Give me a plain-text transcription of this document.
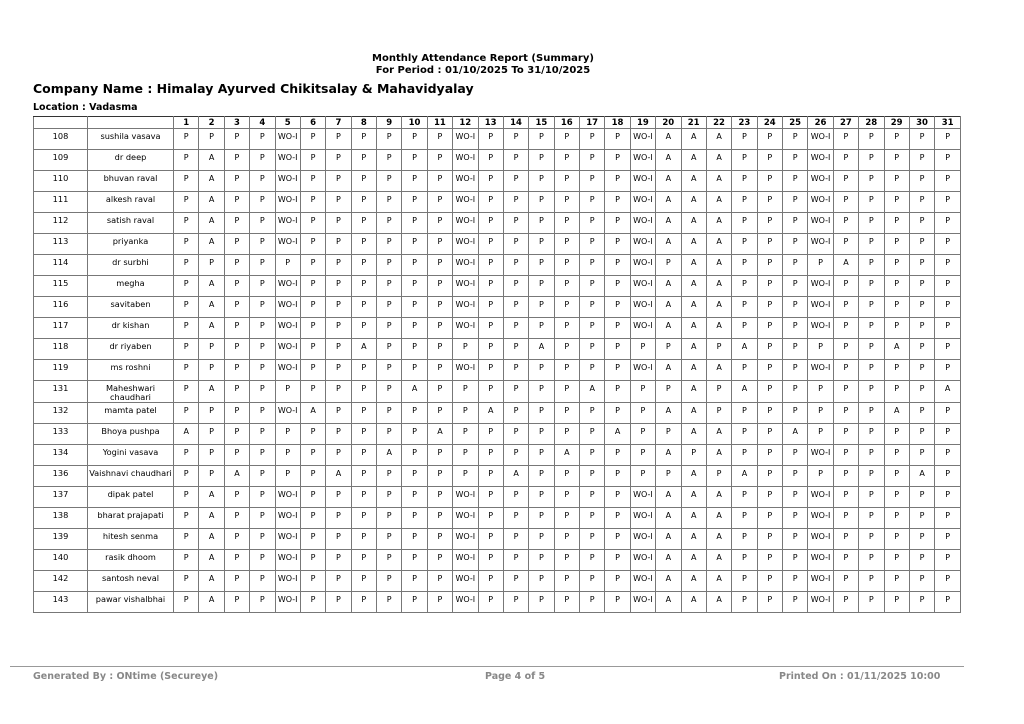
Monthly Attendance Report (Summary)
For Period : 01/10/2025 To 31/10/2025
Company Name : Himalay Ayurved Chikitsalay & Mahavidyalay
Location : Vadasma
		1	2	3	4	5	6	7	8	9	10	11	12	13	14	15	16	17	18	19	20	21	22	23	24	25	26	27	28	29	30	31
108	sushila vasava	P	P	P	P	WO-I	P	P	P	P	P	P	WO-I	P	P	P	P	P	P	WO-I	A	A	A	P	P	P	WO-I	P	P	P	P	P
109	dr deep	P	A	P	P	WO-I	P	P	P	P	P	P	WO-I	P	P	P	P	P	P	WO-I	A	A	A	P	P	P	WO-I	P	P	P	P	P
110	bhuvan raval	P	A	P	P	WO-I	P	P	P	P	P	P	WO-I	P	P	P	P	P	P	WO-I	A	A	A	P	P	P	WO-I	P	P	P	P	P
111	alkesh raval	P	A	P	P	WO-I	P	P	P	P	P	P	WO-I	P	P	P	P	P	P	WO-I	A	A	A	P	P	P	WO-I	P	P	P	P	P
112	satish raval	P	A	P	P	WO-I	P	P	P	P	P	P	WO-I	P	P	P	P	P	P	WO-I	A	A	A	P	P	P	WO-I	P	P	P	P	P
113	priyanka	P	A	P	P	WO-I	P	P	P	P	P	P	WO-I	P	P	P	P	P	P	WO-I	A	A	A	P	P	P	WO-I	P	P	P	P	P
114	dr surbhi	P	P	P	P	P	P	P	P	P	P	P	WO-I	P	P	P	P	P	P	WO-I	P	A	A	P	P	P	P	A	P	P	P	P
115	megha	P	A	P	P	WO-I	P	P	P	P	P	P	WO-I	P	P	P	P	P	P	WO-I	A	A	A	P	P	P	WO-I	P	P	P	P	P
116	savitaben	P	A	P	P	WO-I	P	P	P	P	P	P	WO-I	P	P	P	P	P	P	WO-I	A	A	A	P	P	P	WO-I	P	P	P	P	P
117	dr kishan	P	A	P	P	WO-I	P	P	P	P	P	P	WO-I	P	P	P	P	P	P	WO-I	A	A	A	P	P	P	WO-I	P	P	P	P	P
118	dr riyaben	P	P	P	P	WO-I	P	P	A	P	P	P	P	P	P	A	P	P	P	P	P	A	P	A	P	P	P	P	P	A	P	P
119	ms roshni	P	P	P	P	WO-I	P	P	P	P	P	P	WO-I	P	P	P	P	P	P	WO-I	A	A	A	P	P	P	WO-I	P	P	P	P	P
131	Maheshwari chaudhari	P	A	P	P	P	P	P	P	P	A	P	P	P	P	P	P	A	P	P	P	A	P	A	P	P	P	P	P	P	P	A
132	mamta patel	P	P	P	P	WO-I	A	P	P	P	P	P	P	A	P	P	P	P	P	P	A	A	P	P	P	P	P	P	P	A	P	P
133	Bhoya pushpa	A	P	P	P	P	P	P	P	P	P	A	P	P	P	P	P	P	A	P	P	A	A	P	P	A	P	P	P	P	P	P
134	Yogini vasava	P	P	P	P	P	P	P	P	A	P	P	P	P	P	P	A	P	P	P	A	P	A	P	P	P	WO-I	P	P	P	P	P
136	Vaishnavi chaudhari	P	P	A	P	P	P	A	P	P	P	P	P	P	A	P	P	P	P	P	P	A	P	A	P	P	P	P	P	P	A	P
137	dipak patel	P	A	P	P	WO-I	P	P	P	P	P	P	WO-I	P	P	P	P	P	P	WO-I	A	A	A	P	P	P	WO-I	P	P	P	P	P
138	bharat prajapati	P	A	P	P	WO-I	P	P	P	P	P	P	WO-I	P	P	P	P	P	P	WO-I	A	A	A	P	P	P	WO-I	P	P	P	P	P
139	hitesh senma	P	A	P	P	WO-I	P	P	P	P	P	P	WO-I	P	P	P	P	P	P	WO-I	A	A	A	P	P	P	WO-I	P	P	P	P	P
140	rasik dhoom	P	A	P	P	WO-I	P	P	P	P	P	P	WO-I	P	P	P	P	P	P	WO-I	A	A	A	P	P	P	WO-I	P	P	P	P	P
142	santosh neval	P	A	P	P	WO-I	P	P	P	P	P	P	WO-I	P	P	P	P	P	P	WO-I	A	A	A	P	P	P	WO-I	P	P	P	P	P
143	pawar vishalbhai	P	A	P	P	WO-I	P	P	P	P	P	P	WO-I	P	P	P	P	P	P	WO-I	A	A	A	P	P	P	WO-I	P	P	P	P	P
Generated By : ONtime (Secureye)	Page 4 of 5	Printed On : 01/11/2025 10:00
